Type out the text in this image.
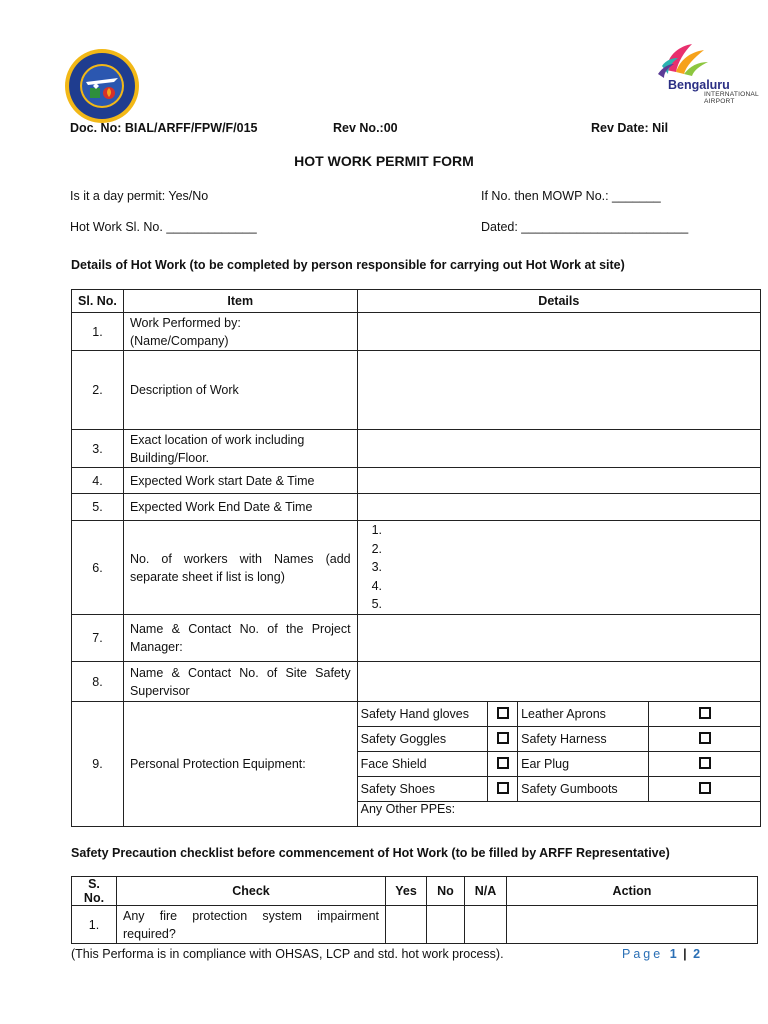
Bengaluru
INTERNATIONAL
AIRPORT
Doc. No: BIAL/ARFF/FPW/F/015	Rev No.:00	Rev Date: Nil
HOT WORK PERMIT FORM
Is it a day permit: Yes/No	If No. then MOWP No.: _______
Hot Work Sl. No. _____________	Dated: ________________________
Details of Hot Work (to be completed by person responsible for carrying out Hot Work at site)
Sl. No.	Item	Details
1.	Work Performed by:
(Name/Company)	
2.	Description of Work	
3.	Exact location of work including Building/Floor.	
4.	Expected Work start Date & Time	
5.	Expected Work End Date & Time	
6.	No. of workers with Names (add separate sheet if list is long)	
1.
2.
3.
4.
5.

7.	Name & Contact No. of the Project Manager:	
8.	Name & Contact No. of Site Safety Supervisor	
9.	Personal Protection Equipment:	
Safety Hand gloves		Leather Aprons	
Safety Goggles		Safety Harness	
Face Shield		Ear Plug	
Safety Shoes		Safety Gumboots	
Any Other PPEs:
Safety Precaution checklist before commencement of Hot Work (to be filled by ARFF Representative)
S. No.	Check	Yes	No	N/A	Action
1.	Any fire protection system impairment required?				
(This Performa is in compliance with OHSAS, LCP and std. hot work process).	Page 1 | 2
